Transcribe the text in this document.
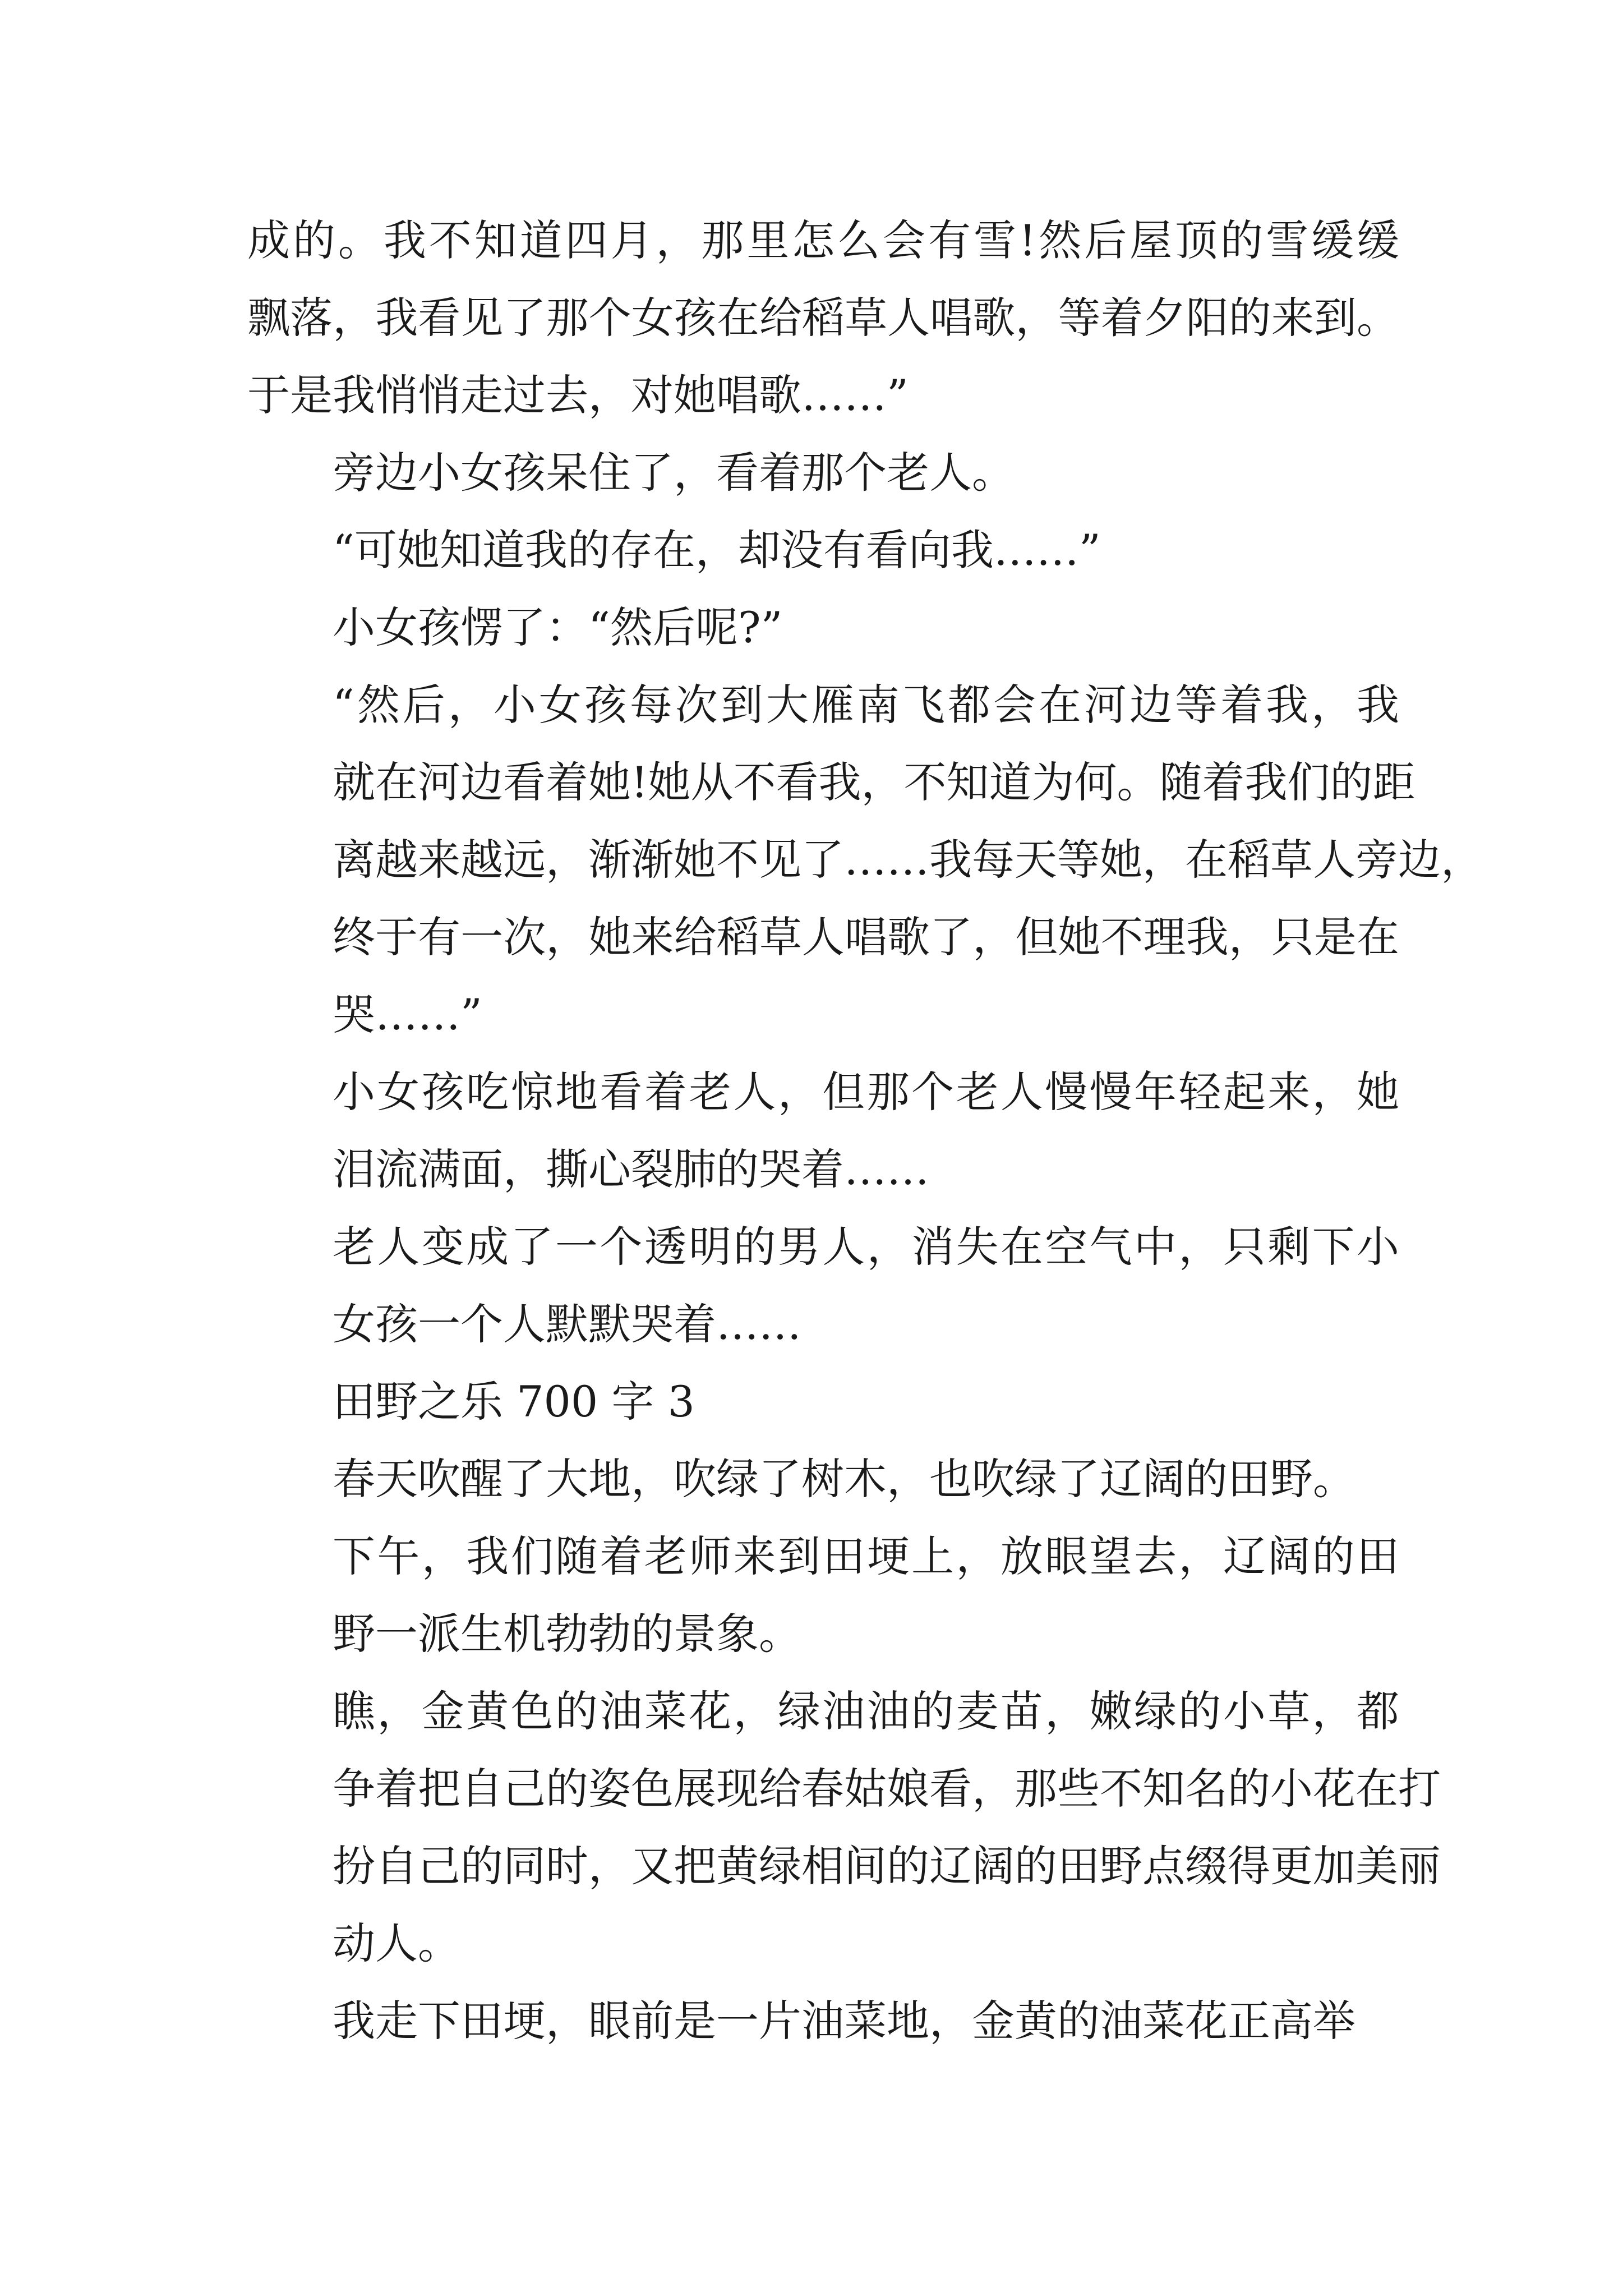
成的。我不知道四月，那里怎么会有雪!然后屋顶的雪缓缓
飘落，我看见了那个女孩在给稻草人唱歌，等着夕阳的来到。
于是我悄悄走过去，对她唱歌……”

旁边小女孩呆住了，看着那个老人。

“可她知道我的存在，却没有看向我……”

小女孩愣了：“然后呢?”

“然后，小女孩每次到大雁南飞都会在河边等着我，我
就在河边看着她!她从不看我，不知道为何。随着我们的距
离越来越远，渐渐她不见了……我每天等她，在稻草人旁边，
终于有一次，她来给稻草人唱歌了，但她不理我，只是在
哭……”

小女孩吃惊地看着老人，但那个老人慢慢年轻起来，她
泪流满面，撕心裂肺的哭着……

老人变成了一个透明的男人，消失在空气中，只剩下小
女孩一个人默默哭着……

田野之乐 700 字 3

春天吹醒了大地，吹绿了树木，也吹绿了辽阔的田野。

下午，我们随着老师来到田埂上，放眼望去，辽阔的田
野一派生机勃勃的景象。

瞧，金黄色的油菜花，绿油油的麦苗，嫩绿的小草，都
争着把自己的姿色展现给春姑娘看，那些不知名的小花在打
扮自己的同时，又把黄绿相间的辽阔的田野点缀得更加美丽
动人。

我走下田埂，眼前是一片油菜地，金黄的油菜花正高举
